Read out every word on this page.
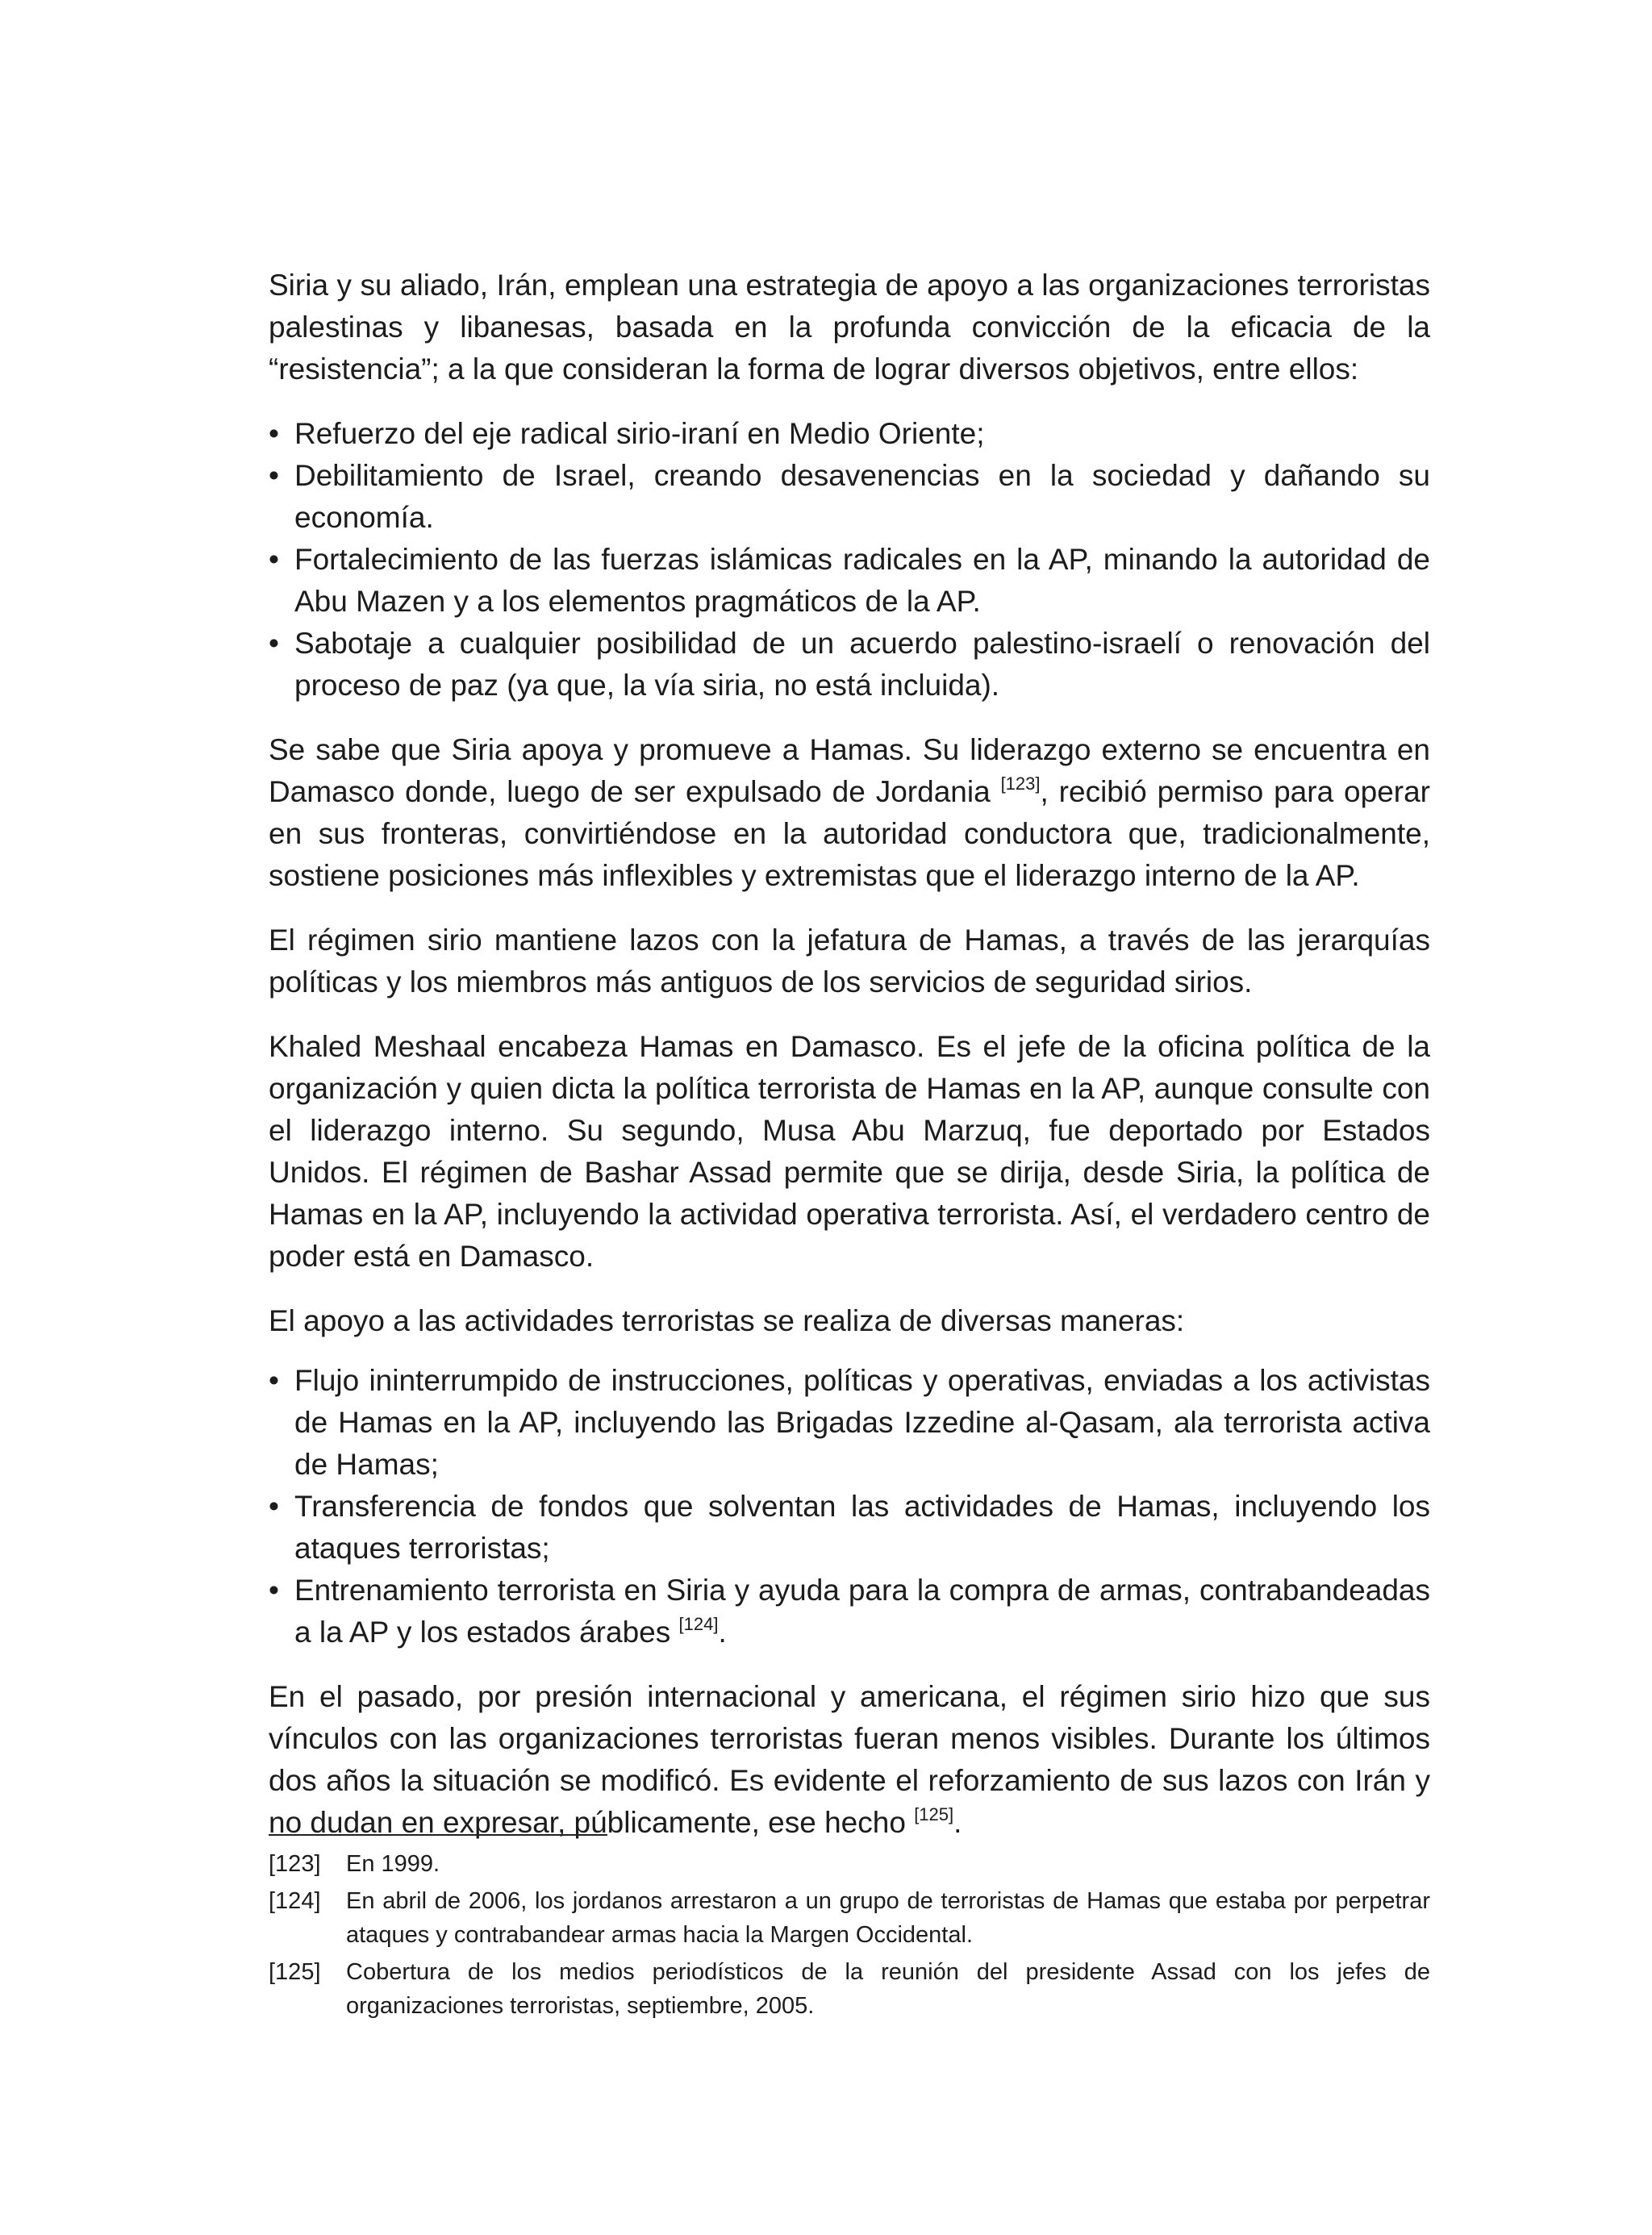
Siria y su aliado, Irán, emplean una estrategia de apoyo a las organizaciones terroristas palestinas y libanesas, basada en la profunda convicción de la eficacia de la “resistencia”; a la que consideran la forma de lograr diversos objetivos, entre ellos:

• Refuerzo del eje radical sirio-iraní en Medio Oriente;
• Debilitamiento de Israel, creando desavenencias en la sociedad y dañando su economía.
• Fortalecimiento de las fuerzas islámicas radicales en la AP, minando la autoridad de Abu Mazen y a los elementos pragmáticos de la AP.
• Sabotaje a cualquier posibilidad de un acuerdo palestino-israelí o renovación del proceso de paz (ya que, la vía siria, no está incluida).

Se sabe que Siria apoya y promueve a Hamas. Su liderazgo externo se encuentra en Damasco donde, luego de ser expulsado de Jordania [123], recibió permiso para operar en sus fronteras, convirtiéndose en la autoridad conductora que, tradicionalmente, sostiene posiciones más inflexibles y extremistas que el liderazgo interno de la AP.

El régimen sirio mantiene lazos con la jefatura de Hamas, a través de las jerarquías políticas y los miembros más antiguos de los servicios de seguridad sirios.

Khaled Meshaal encabeza Hamas en Damasco. Es el jefe de la oficina política de la organización y quien dicta la política terrorista de Hamas en la AP, aunque consulte con el liderazgo interno. Su segundo, Musa Abu Marzuq, fue deportado por Estados Unidos. El régimen de Bashar Assad permite que se dirija, desde Siria, la política de Hamas en la AP, incluyendo la actividad operativa terrorista. Así, el verdadero centro de poder está en Damasco.

El apoyo a las actividades terroristas se realiza de diversas maneras:

• Flujo ininterrumpido de instrucciones, políticas y operativas, enviadas a los activistas de Hamas en la AP, incluyendo las Brigadas Izzedine al-Qasam, ala terrorista activa de Hamas;
• Transferencia de fondos que solventan las actividades de Hamas, incluyendo los ataques terroristas;
• Entrenamiento terrorista en Siria y ayuda para la compra de armas, contrabandeadas a la AP y los estados árabes [124].

En el pasado, por presión internacional y americana, el régimen sirio hizo que sus vínculos con las organizaciones terroristas fueran menos visibles. Durante los últimos dos años la situación se modificó. Es evidente el reforzamiento de sus lazos con Irán y no dudan en expresar, públicamente, ese hecho [125].

[123]	En 1999.
[124]	En abril de 2006, los jordanos arrestaron a un grupo de terroristas de Hamas que estaba por perpetrar ataques y contrabandear armas hacia la Margen Occidental.
[125]	Cobertura de los medios periodísticos de la reunión del presidente Assad con los jefes de organizaciones terroristas, septiembre, 2005.
